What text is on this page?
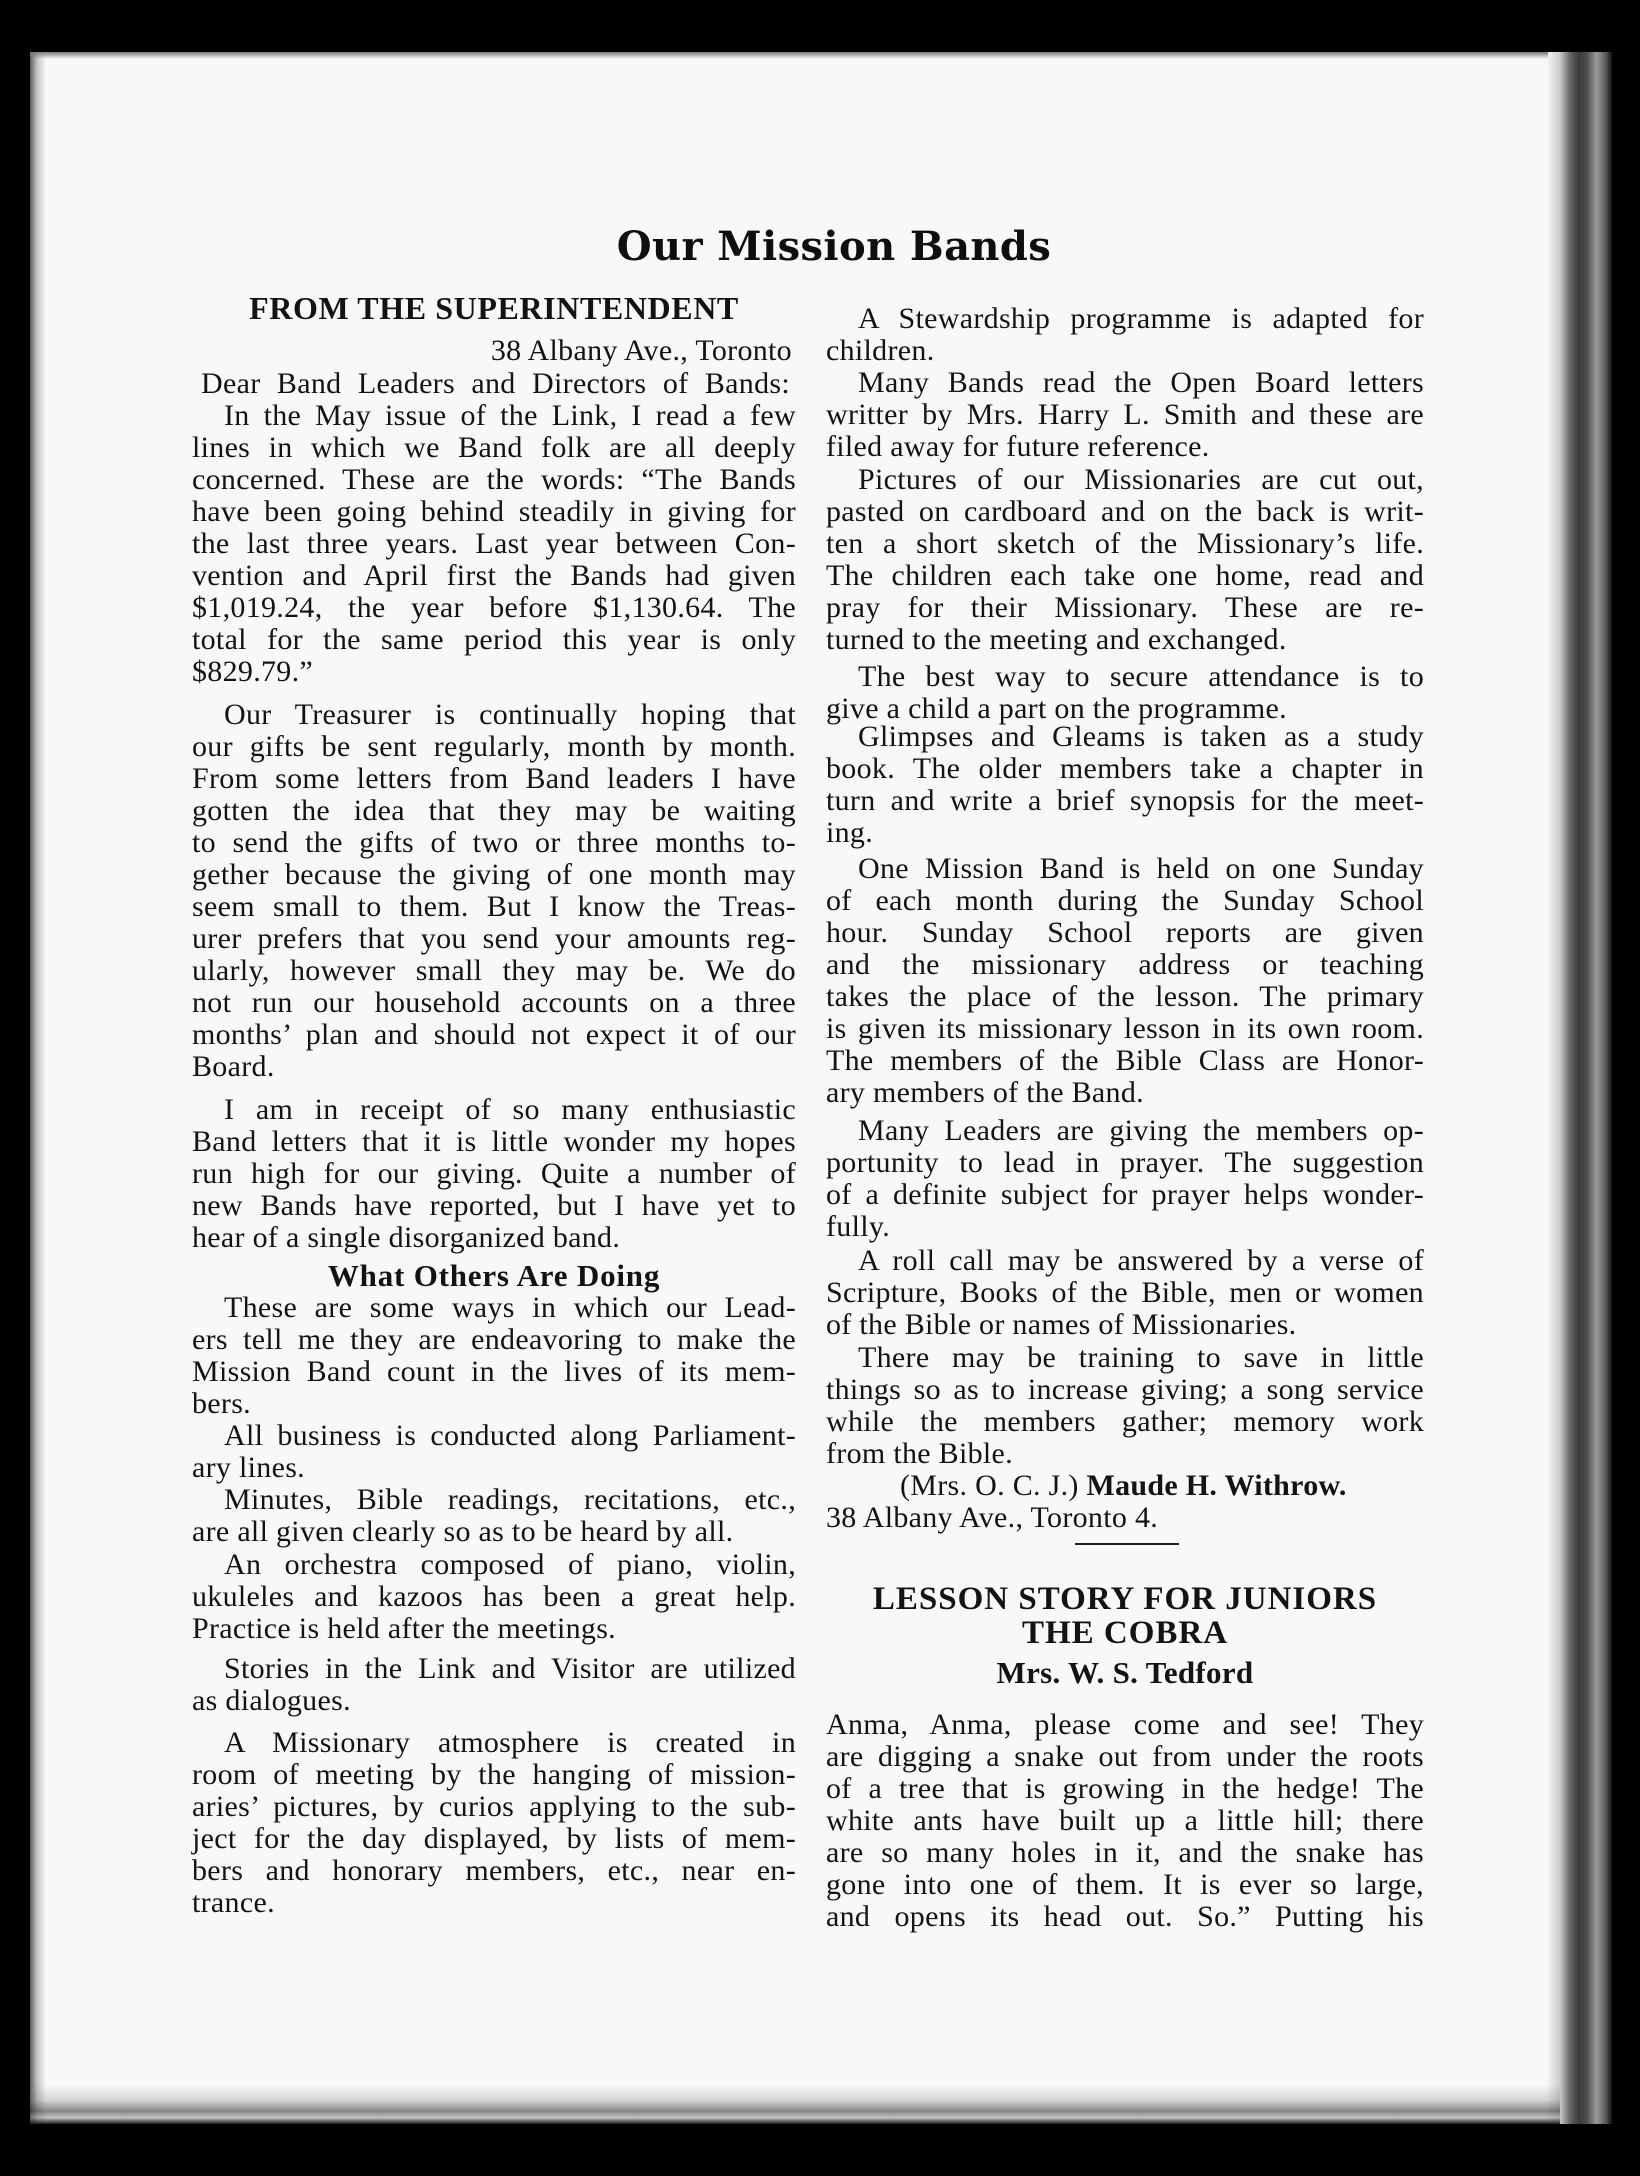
Our Mission Bands
FROM THE SUPERINTENDENT
38 Albany Ave., Toronto
Dear Band Leaders and Directors of Bands:
In the May issue of the Link, I read a few
lines in which we Band folk are all deeply
concerned. These are the words: “The Bands
have been going behind steadily in giving for
the last three years. Last year between Con-
vention and April first the Bands had given
$1,019.24, the year before $1,130.64. The
total for the same period this year is only
$829.79.”
Our Treasurer is continually hoping that
our gifts be sent regularly, month by month.
From some letters from Band leaders I have
gotten the idea that they may be waiting
to send the gifts of two or three months to-
gether because the giving of one month may
seem small to them. But I know the Treas-
urer prefers that you send your amounts reg-
ularly, however small they may be. We do
not run our household accounts on a three
months’ plan and should not expect it of our
Board.
I am in receipt of so many enthusiastic
Band letters that it is little wonder my hopes
run high for our giving. Quite a number of
new Bands have reported, but I have yet to
hear of a single disorganized band.
What Others Are Doing
These are some ways in which our Lead-
ers tell me they are endeavoring to make the
Mission Band count in the lives of its mem-
bers.
All business is conducted along Parliament-
ary lines.
Minutes, Bible readings, recitations, etc.,
are all given clearly so as to be heard by all.
An orchestra composed of piano, violin,
ukuleles and kazoos has been a great help.
Practice is held after the meetings.
Stories in the Link and Visitor are utilized
as dialogues.
A Missionary atmosphere is created in
room of meeting by the hanging of mission-
aries’ pictures, by curios applying to the sub-
ject for the day displayed, by lists of mem-
bers and honorary members, etc., near en-
trance.
A Stewardship programme is adapted for
children.
Many Bands read the Open Board letters
writter by Mrs. Harry L. Smith and these are
filed away for future reference.
Pictures of our Missionaries are cut out,
pasted on cardboard and on the back is writ-
ten a short sketch of the Missionary’s life.
The children each take one home, read and
pray for their Missionary. These are re-
turned to the meeting and exchanged.
The best way to secure attendance is to
give a child a part on the programme.
Glimpses and Gleams is taken as a study
book. The older members take a chapter in
turn and write a brief synopsis for the meet-
ing.
One Mission Band is held on one Sunday
of each month during the Sunday School
hour. Sunday School reports are given
and the missionary address or teaching
takes the place of the lesson. The primary
is given its missionary lesson in its own room.
The members of the Bible Class are Honor-
ary members of the Band.
Many Leaders are giving the members op-
portunity to lead in prayer. The suggestion
of a definite subject for prayer helps wonder-
fully.
A roll call may be answered by a verse of
Scripture, Books of the Bible, men or women
of the Bible or names of Missionaries.
There may be training to save in little
things so as to increase giving; a song service
while the members gather; memory work
from the Bible.
(Mrs. O. C. J.) Maude H. Withrow.
38 Albany Ave., Toronto 4.
LESSON STORY FOR JUNIORS
THE COBRA
Mrs. W. S. Tedford
Anma, Anma, please come and see! They
are digging a snake out from under the roots
of a tree that is growing in the hedge! The
white ants have built up a little hill; there
are so many holes in it, and the snake has
gone into one of them. It is ever so large,
and opens its head out. So.” Putting his
